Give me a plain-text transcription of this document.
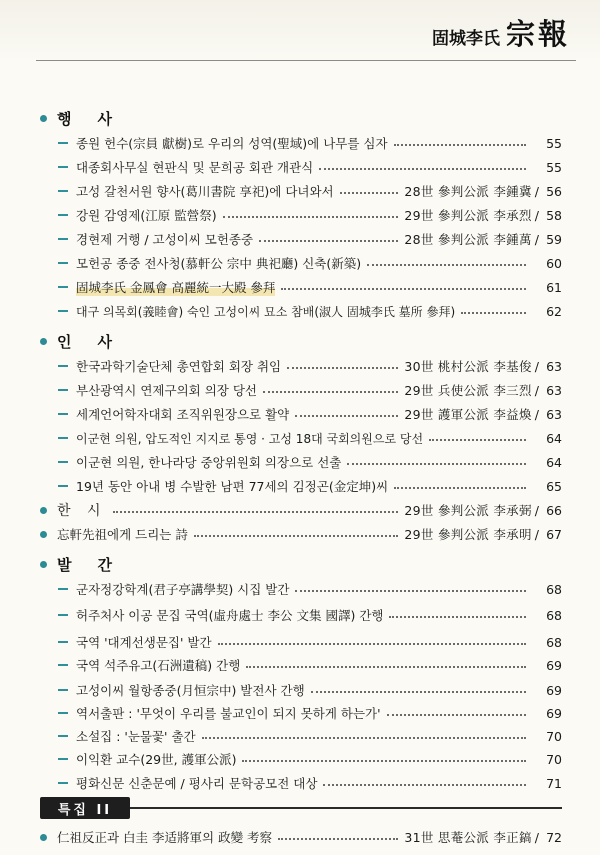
固城李氏 宗報
행사
종원 헌수(宗員 獻樹)로 우리의 성역(聖域)에 나무를 심자	55
대종회사무실 현판식 및 문희공 회관 개관식	55
고성 갈천서원 향사(葛川書院 享祀)에 다녀와서	28世 參判公派 李鍾冀 / 56
강원 감영제(江原 監營祭)	29世 參判公派 李承烈 / 58
경현제 거행 / 고성이씨 모헌종중	28世 參判公派 李鍾萬 / 59
모헌공 종중 전사청(慕軒公 宗中 典祀廳) 신축(新築)	60
固城李氏 金鳳會 高麗統一大殿 參拜	61
대구 의목회(義睦會) 숙인 고성이씨 묘소 참배(淑人 固城李氏 墓所 參拜)	62
인사
한국과학기술단체 총연합회 회장 취임	30世 桃村公派 李基俊 / 63
부산광역시 연제구의회 의장 당선	29世 兵使公派 李三烈 / 63
세계언어학자대회 조직위원장으로 활약	29世 護軍公派 李益煥 / 63
이군현 의원, 압도적인 지지로 통영 · 고성 18대 국회의원으로 당선	64
이군현 의원, 한나라당 중앙위원회 의장으로 선출	64
19년 동안 아내 병 수발한 남편 77세의 김정곤(金定坤)씨	65
한 시	29世 參判公派 李承弼 / 66
忘軒先祖에게 드리는 詩	29世 參判公派 李承明 / 67
발간
군자정강학계(君子亭講學契) 시집 발간	68
허주처사 이공 문집 국역(虛舟處士 李公 文集 國譯) 간행	68
국역 '대계선생문집' 발간	68
국역 석주유고(石洲遺稿) 간행	69
고성이씨 월항종중(月恒宗中) 발전사 간행	69
역서출판 : '무엇이 우리를 불교인이 되지 못하게 하는가'	69
소설집 : '눈물꽃' 출간	70
이익환 교수(29世, 護軍公派)	70
평화신문 신춘문예 / 평사리 문학공모전 대상	71
특집 II
仁祖反正과 白圭 李适將軍의 政變 考察	31世 思菴公派 李正鎬 / 72
